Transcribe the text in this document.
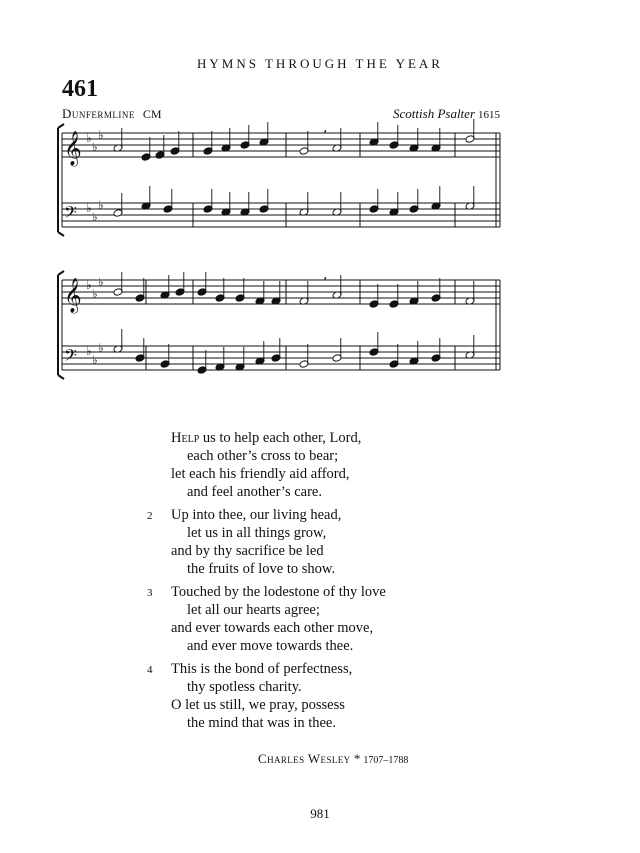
HYMNS THROUGH THE YEAR
461
Dunfermline CM	Scottish Psalter 1615
𝄞
𝄢
𝄞
𝄢
♭
♭
♭
♭
♭
♭
♭
♭
♭
♭
♭
♭
,
,
Help us to help each other, Lord,
each other’s cross to bear;
let each his friendly aid afford,
and feel another’s care.
2 Up into thee, our living head,
let us in all things grow,
and by thy sacrifice be led
the fruits of love to show.
3 Touched by the lodestone of thy love
let all our hearts agree;
and ever towards each other move,
and ever move towards thee.
4 This is the bond of perfectness,
thy spotless charity.
O let us still, we pray, possess
the mind that was in thee.
Charles Wesley * 1707–1788
981
